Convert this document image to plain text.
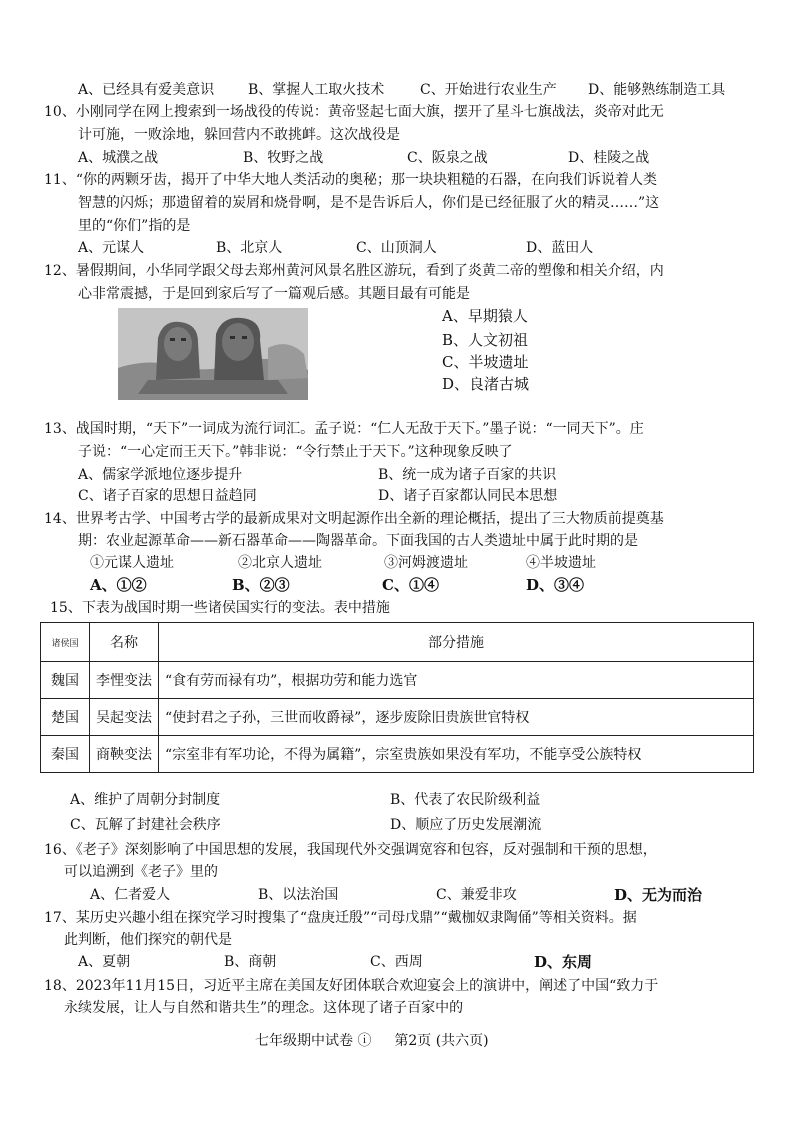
A、已经具有爱美意识 B、掌握人工取火技术	C、开始进行农业生产 D、能够熟练制造工具
10、小刚同学在网上搜索到一场战役的传说：黄帝竖起七面大旗，摆开了星斗七旗战法，炎帝对此无
计可施，一败涂地，躲回营内不敢挑衅。这次战役是
A、城濮之战	B、牧野之战	C、阪泉之战	D、桂陵之战
11、“你的两颗牙齿，揭开了中华大地人类活动的奥秘；那一块块粗糙的石器，在向我们诉说着人类
智慧的闪烁；那遗留着的炭屑和烧骨啊，是不是告诉后人，你们是已经征服了火的精灵……”这
里的“你们”指的是
A、元谋人	B、北京人	C、山顶洞人	D、蓝田人
12、暑假期间，小华同学跟父母去郑州黄河风景名胜区游玩，看到了炎黄二帝的塑像和相关介绍，内
心非常震撼，于是回到家后写了一篇观后感。其题目最有可能是
A、早期猿人
B、人文初祖
C、半坡遗址
D、良渚古城
13、战国时期，“天下”一词成为流行词汇。孟子说：“仁人无敌于天下。”墨子说：“一同天下”。庄
子说：“一心定而王天下。”韩非说：“令行禁止于天下。”这种现象反映了
A、儒家学派地位逐步提升	B、统一成为诸子百家的共识
C、诸子百家的思想日益趋同	D、诸子百家都认同民本思想
14、世界考古学、中国考古学的最新成果对文明起源作出全新的理论概括，提出了三大物质前提奠基
期：农业起源革命——新石器革命——陶器革命。下面我国的古人类遗址中属于此时期的是
①元谋人遗址	②北京人遗址	③河姆渡遗址	④半坡遗址
A、①②	B、②③	C、①④	D、③④
15、下表为战国时期一些诸侯国实行的变法。表中措施
诸侯国	名称	部分措施
魏国	李悝变法	“食有劳而禄有功”，根据功劳和能力选官
楚国	吴起变法	“使封君之子孙，三世而收爵禄”，逐步废除旧贵族世官特权
秦国	商鞅变法	“宗室非有军功论，不得为属籍”，宗室贵族如果没有军功，不能享受公族特权
A、维护了周朝分封制度	B、代表了农民阶级利益
C、瓦解了封建社会秩序	D、顺应了历史发展潮流
16、《老子》深刻影响了中国思想的发展，我国现代外交强调宽容和包容，反对强制和干预的思想，
可以追溯到《老子》里的
A、仁者爱人	B、以法治国	C、兼爱非攻	D、无为而治
17、某历史兴趣小组在探究学习时搜集了“盘庚迁殷”“司母戊鼎”“戴枷奴隶陶俑”等相关资料。据
此判断，他们探究的朝代是
A、夏朝	B、商朝	C、西周	D、东周
18、2023年11月15日，习近平主席在美国友好团体联合欢迎宴会上的演讲中，阐述了中国“致力于
永续发展，让人与自然和谐共生”的理念。这体现了诸子百家中的
七年级期中试卷 ⓘ 第2页 (共六页)
